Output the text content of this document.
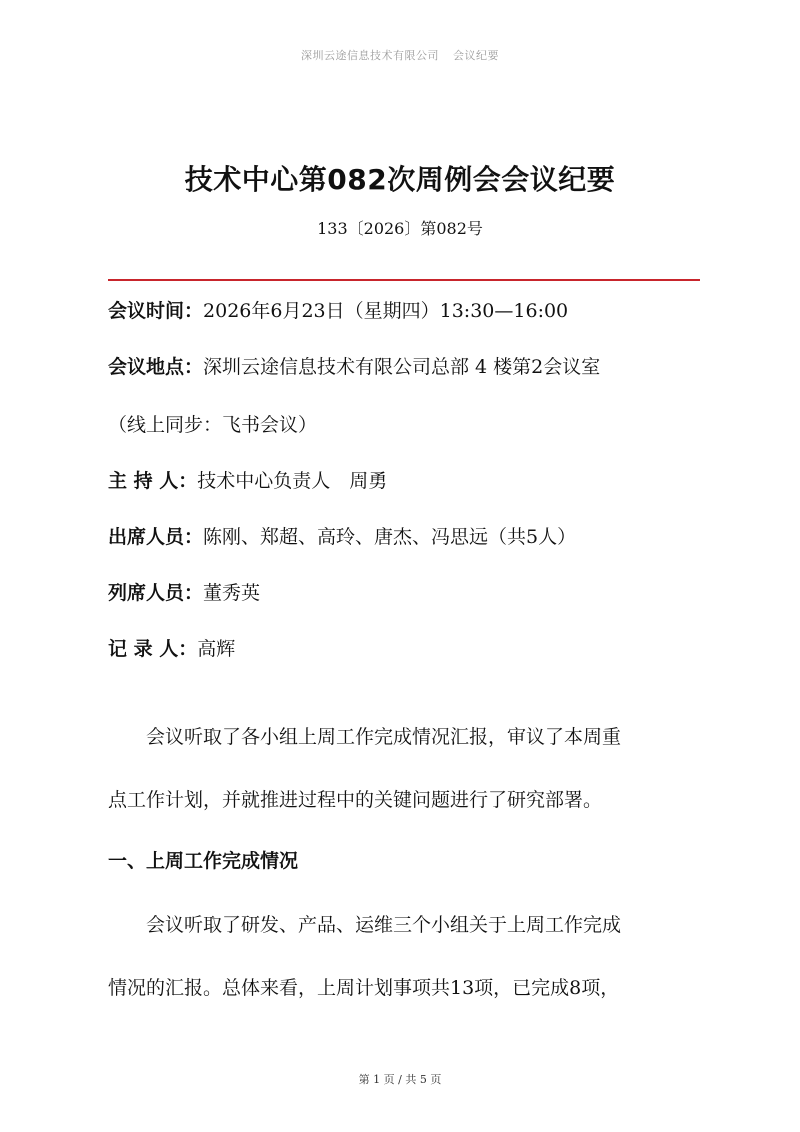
深圳云途信息技术有限公司 会议纪要
技术中心第082次周例会会议纪要
133〔2026〕第082号
会议时间：2026年6月23日（星期四）13:30—16:00
会议地点：深圳云途信息技术有限公司总部 4 楼第2会议室
（线上同步：飞书会议）
主 持 人：技术中心负责人　周勇
出席人员：陈刚、郑超、高玲、唐杰、冯思远（共5人）
列席人员：董秀英
记 录 人：高辉
会议听取了各小组上周工作完成情况汇报，审议了本周重
点工作计划，并就推进过程中的关键问题进行了研究部署。
一、上周工作完成情况
会议听取了研发、产品、运维三个小组关于上周工作完成
情况的汇报。总体来看，上周计划事项共13项，已完成8项，
第 1 页 / 共 5 页
